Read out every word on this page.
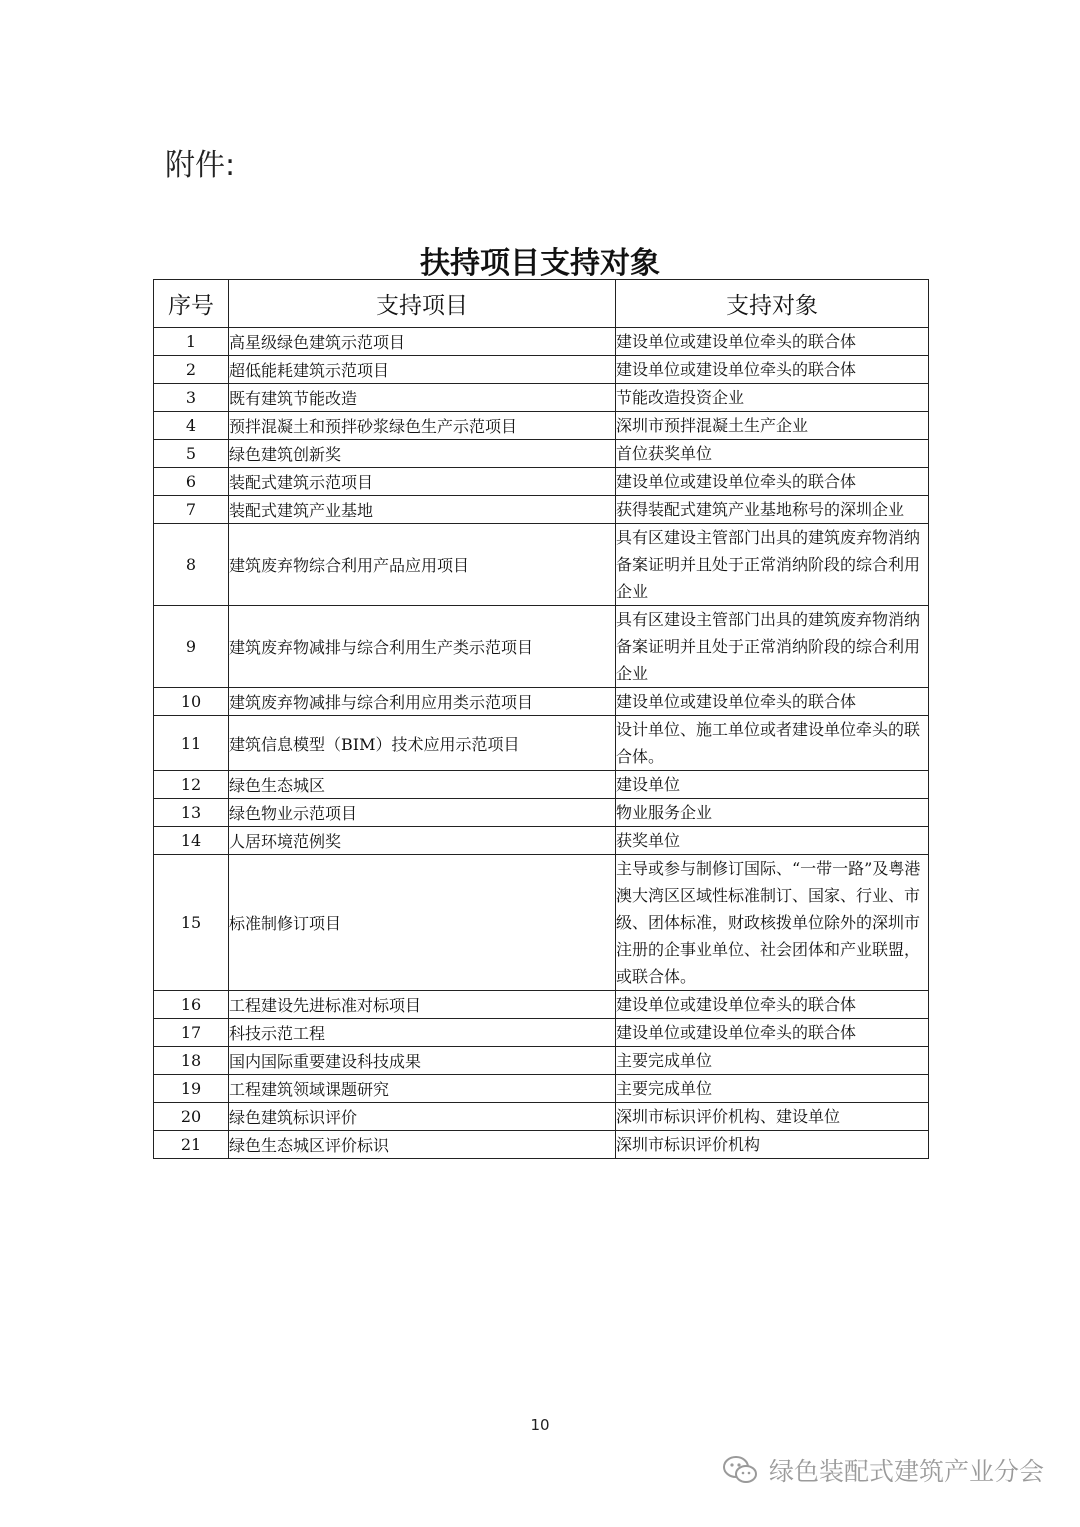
附件:
扶持项目支持对象
序号	支持项目	支持对象
1	高星级绿色建筑示范项目	建设单位或建设单位牵头的联合体
2	超低能耗建筑示范项目	建设单位或建设单位牵头的联合体
3	既有建筑节能改造	节能改造投资企业
4	预拌混凝土和预拌砂浆绿色生产示范项目	深圳市预拌混凝土生产企业
5	绿色建筑创新奖	首位获奖单位
6	装配式建筑示范项目	建设单位或建设单位牵头的联合体
7	装配式建筑产业基地	获得装配式建筑产业基地称号的深圳企业
8	建筑废弃物综合利用产品应用项目	具有区建设主管部门出具的建筑废弃物消纳备案证明并且处于正常消纳阶段的综合利用企业
9	建筑废弃物减排与综合利用生产类示范项目	具有区建设主管部门出具的建筑废弃物消纳备案证明并且处于正常消纳阶段的综合利用企业
10	建筑废弃物减排与综合利用应用类示范项目	建设单位或建设单位牵头的联合体
11	建筑信息模型（BIM）技术应用示范项目	设计单位、施工单位或者建设单位牵头的联合体。
12	绿色生态城区	建设单位
13	绿色物业示范项目	物业服务企业
14	人居环境范例奖	获奖单位
15	标准制修订项目	主导或参与制修订国际、“一带一路”及粤港澳大湾区区域性标准制订、国家、行业、市级、团体标准，财政核拨单位除外的深圳市注册的企事业单位、社会团体和产业联盟，或联合体。
16	工程建设先进标准对标项目	建设单位或建设单位牵头的联合体
17	科技示范工程	建设单位或建设单位牵头的联合体
18	国内国际重要建设科技成果	主要完成单位
19	工程建筑领域课题研究	主要完成单位
20	绿色建筑标识评价	深圳市标识评价机构、建设单位
21	绿色生态城区评价标识	深圳市标识评价机构
10
绿色装配式建筑产业分会
